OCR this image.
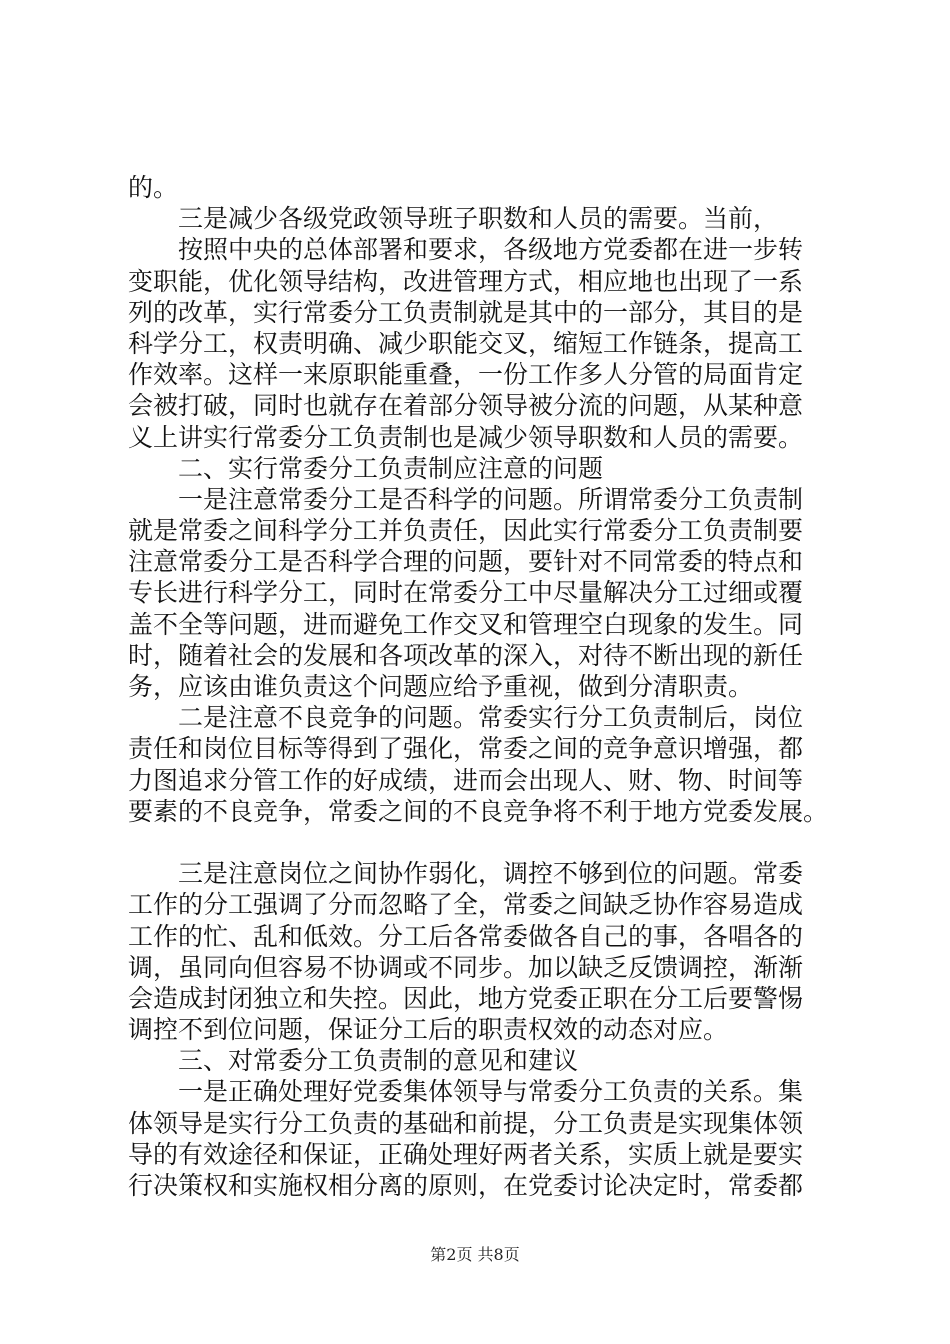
的。
　　三是减少各级党政领导班子职数和人员的需要。当前，
　　按照中央的总体部署和要求，各级地方党委都在进一步转
变职能，优化领导结构，改进管理方式，相应地也出现了一系
列的改革，实行常委分工负责制就是其中的一部分，其目的是
科学分工，权责明确、减少职能交叉，缩短工作链条，提高工
作效率。这样一来原职能重叠，一份工作多人分管的局面肯定
会被打破，同时也就存在着部分领导被分流的问题，从某种意
义上讲实行常委分工负责制也是减少领导职数和人员的需要。
　　二、实行常委分工负责制应注意的问题
　　一是注意常委分工是否科学的问题。所谓常委分工负责制
就是常委之间科学分工并负责任，因此实行常委分工负责制要
注意常委分工是否科学合理的问题，要针对不同常委的特点和
专长进行科学分工，同时在常委分工中尽量解决分工过细或覆
盖不全等问题，进而避免工作交叉和管理空白现象的发生。同
时，随着社会的发展和各项改革的深入，对待不断出现的新任
务，应该由谁负责这个问题应给予重视，做到分清职责。
　　二是注意不良竞争的问题。常委实行分工负责制后，岗位
责任和岗位目标等得到了强化，常委之间的竞争意识增强，都
力图追求分管工作的好成绩，进而会出现人、财、物、时间等
要素的不良竞争，常委之间的不良竞争将不利于地方党委发展。
　　三是注意岗位之间协作弱化，调控不够到位的问题。常委
工作的分工强调了分而忽略了全，常委之间缺乏协作容易造成
工作的忙、乱和低效。分工后各常委做各自己的事，各唱各的
调，虽同向但容易不协调或不同步。加以缺乏反馈调控，渐渐
会造成封闭独立和失控。因此，地方党委正职在分工后要警惕
调控不到位问题，保证分工后的职责权效的动态对应。
　　三、对常委分工负责制的意见和建议
　　一是正确处理好党委集体领导与常委分工负责的关系。集
体领导是实行分工负责的基础和前提，分工负责是实现集体领
导的有效途径和保证，正确处理好两者关系，实质上就是要实
行决策权和实施权相分离的原则，在党委讨论决定时，常委都
第2页 共8页
